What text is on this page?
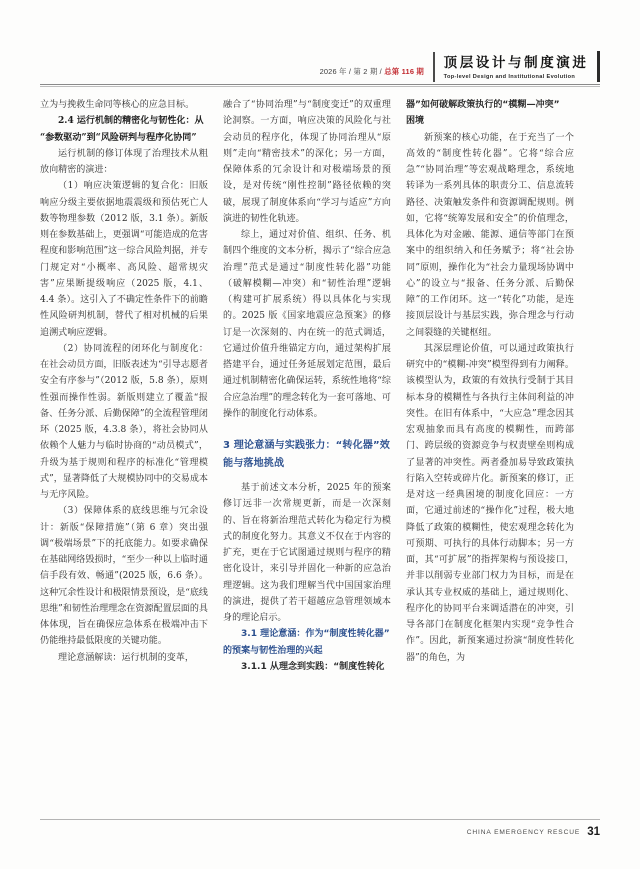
2026 年 / 第 2 期 / 总第 116 期
顶层设计与制度演进
Top-level Design and Institutional Evolution

立为与挽救生命同等核心的应急目标。

2.4 运行机制的精密化与韧性化：从
“参数驱动”到“风险研判与程序化协同”

运行机制的修订体现了治理技术从粗放向精密的演进：

（1）响应决策逻辑的复合化：旧版响应分级主要依据地震震级和预估死亡人数等物理参数（2012 版，3.1 条）。新版则在参数基础上，更强调“可能造成的危害程度和影响范围”这一综合风险判据，并专门规定对“小概率、高风险、超常规灾害”应果断提级响应（2025 版，4.1、4.4 条）。这引入了不确定性条件下的前瞻性风险研判机制，替代了相对机械的后果追溯式响应逻辑。

（2）协同流程的闭环化与制度化：在社会动员方面，旧版表述为“引导志愿者安全有序参与”（2012 版，5.8 条），原则性强而操作性弱。新版则建立了覆盖“报备、任务分派、后勤保障”的全流程管理闭环（2025 版，4.3.8 条），将社会协同从依赖个人魅力与临时协商的“动员模式”，升级为基于规则和程序的标准化“管理模式”，显著降低了大规模协同中的交易成本与无序风险。

（3）保障体系的底线思维与冗余设计：新版“保障措施”（第 6 章）突出强调“极端场景”下的托底能力。如要求确保在基础网络毁损时，“至少一种以上临时通信手段有效、畅通”(2025 版，6.6 条）。这种冗余性设计和极限情景预设，是“底线思维”和韧性治理理念在资源配置层面的具体体现，旨在确保应急体系在极端冲击下仍能维持最低限度的关键功能。

理论意涵解读：运行机制的变革，

融合了“协同治理”与“制度变迁”的双重理论洞察。一方面，响应决策的风险化与社会动员的程序化，体现了协同治理从“原则”走向“精密技术”的深化；另一方面，保障体系的冗余设计和对极端场景的预设，是对传统“刚性控制”路径依赖的突破，展现了制度体系向“学习与适应”方向演进的韧性化轨迹。

综上，通过对价值、组织、任务、机制四个维度的文本分析，揭示了“综合应急治理”范式是通过“制度性转化器”功能（破解模糊—冲突）和“韧性治理”逻辑（构建可扩展系统）得以具体化与实现的。2025 版《国家地震应急预案》的修订是一次深刻的、内在统一的范式调适，它通过价值升维锚定方向，通过架构扩展搭建平台，通过任务延展划定范围，最后通过机制精密化确保运转，系统性地将“综合应急治理”的理念转化为一套可落地、可操作的制度化行动体系。

3 理论意涵与实践张力：“转化器”效能与落地挑战

基于前述文本分析，2025 年的预案修订远非一次常规更新，而是一次深刻的、旨在将新治理范式转化为稳定行为模式的制度化努力。其意义不仅在于内容的扩充，更在于它试图通过规则与程序的精密化设计，来引导并固化一种新的应急治理逻辑。这为我们理解当代中国国家治理的演进，提供了若干超越应急管理领域本身的理论启示。

3.1 理论意涵：作为“制度性转化器”
的预案与韧性治理的兴起
3.1.1 从理念到实践：“制度性转化
器”如何破解政策执行的“模糊—冲突”
困境

新预案的核心功能，在于充当了一个高效的“制度性转化器”。它将“综合应急”“协同治理”等宏观战略理念，系统地转译为一系列具体的职责分工、信息流转路径、决策触发条件和资源调配规则。例如，它将“统筹发展和安全”的价值理念，具体化为对金融、能源、通信等部门在预案中的组织纳入和任务赋予；将“社会协同”原则，操作化为“社会力量现场协调中心”的设立与“报备、任务分派、后勤保障”的工作闭环。这一“转化”功能，是连接顶层设计与基层实践，弥合理念与行动之间裂缝的关键枢纽。

其深层理论价值，可以通过政策执行研究中的“模糊-冲突”模型得到有力阐释。该模型认为，政策的有效执行受制于其目标本身的模糊性与各执行主体间利益的冲突性。在旧有体系中，“大应急”理念因其宏观抽象而具有高度的模糊性，而跨部门、跨层级的资源竞争与权责壁垒则构成了显著的冲突性。两者叠加易导致政策执行陷入空转或碎片化。新预案的修订，正是对这一经典困境的制度化回应：一方面，它通过前述的“操作化”过程，极大地降低了政策的模糊性，使宏观理念转化为可预期、可执行的具体行动脚本；另一方面，其“可扩展”的指挥架构与预设接口，并非以削弱专业部门权力为目标，而是在承认其专业权威的基础上，通过规则化、程序化的协同平台来调适潜在的冲突，引导各部门在制度化框架内实现“竞争性合作”。因此，新预案通过扮演“制度性转化器”的角色，为

CHINA EMERGENCY RESCUE 31
